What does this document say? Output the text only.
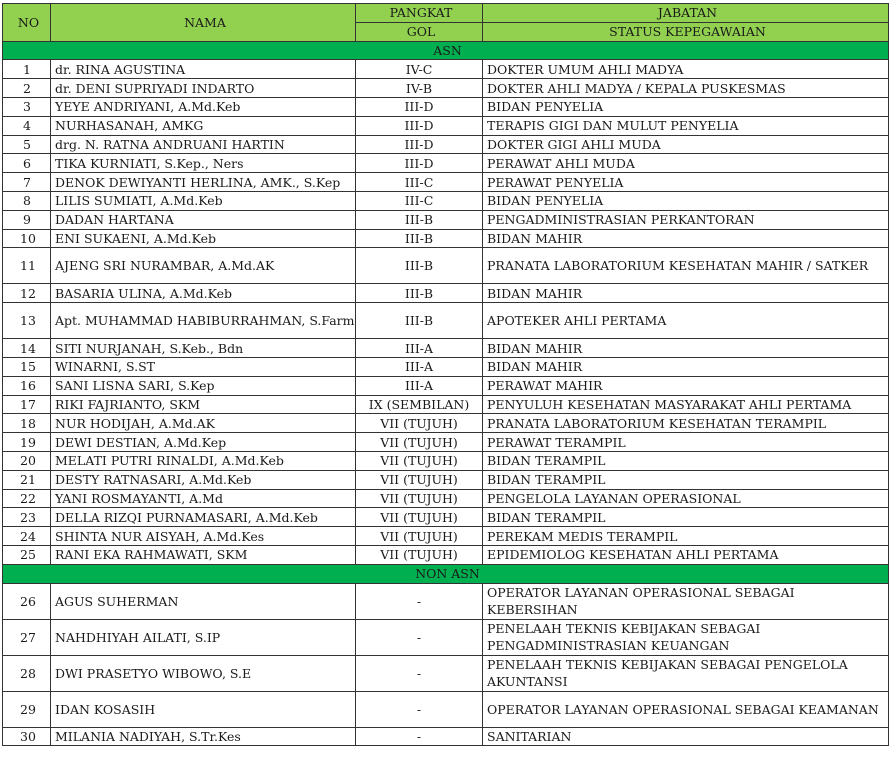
NO	NAMA	PANGKAT	JABATAN
		GOL	STATUS KEPEGAWAIAN
ASN			
1	dr. RINA AGUSTINA	IV-C	DOKTER UMUM AHLI MADYA
2	dr. DENI SUPRIYADI INDARTO	IV-B	DOKTER AHLI MADYA / KEPALA PUSKESMAS
3	YEYE ANDRIYANI, A.Md.Keb	III-D	BIDAN PENYELIA
4	NURHASANAH, AMKG	III-D	TERAPIS GIGI DAN MULUT PENYELIA
5	drg. N. RATNA ANDRUANI HARTIN	III-D	DOKTER GIGI AHLI MUDA
6	TIKA KURNIATI, S.Kep., Ners	III-D	PERAWAT AHLI MUDA
7	DENOK DEWIYANTI HERLINA, AMK., S.Kep	III-C	PERAWAT PENYELIA
8	LILIS SUMIATI, A.Md.Keb	III-C	BIDAN PENYELIA
9	DADAN HARTANA	III-B	PENGADMINISTRASIAN PERKANTORAN
10	ENI SUKAENI, A.Md.Keb	III-B	BIDAN MAHIR
11	AJENG SRI NURAMBAR, A.Md.AK	III-B	PRANATA LABORATORIUM KESEHATAN MAHIR / SATKER
12	BASARIA ULINA, A.Md.Keb	III-B	BIDAN MAHIR
13	Apt. MUHAMMAD HABIBURRAHMAN, S.Farm	III-B	APOTEKER AHLI PERTAMA
14	SITI NURJANAH, S.Keb., Bdn	III-A	BIDAN MAHIR
15	WINARNI, S.ST	III-A	BIDAN MAHIR
16	SANI LISNA SARI, S.Kep	III-A	PERAWAT MAHIR
17	RIKI FAJRIANTO, SKM	IX (SEMBILAN)	PENYULUH KESEHATAN MASYARAKAT AHLI PERTAMA
18	NUR HODIJAH, A.Md.AK	VII (TUJUH)	PRANATA LABORATORIUM KESEHATAN TERAMPIL
19	DEWI DESTIAN, A.Md.Kep	VII (TUJUH)	PERAWAT TERAMPIL
20	MELATI PUTRI RINALDI, A.Md.Keb	VII (TUJUH)	BIDAN TERAMPIL
21	DESTY RATNASARI, A.Md.Keb	VII (TUJUH)	BIDAN TERAMPIL
22	YANI ROSMAYANTI, A.Md	VII (TUJUH)	PENGELOLA LAYANAN OPERASIONAL
23	DELLA RIZQI PURNAMASARI, A.Md.Keb	VII (TUJUH)	BIDAN TERAMPIL
24	SHINTA NUR AISYAH, A.Md.Kes	VII (TUJUH)	PEREKAM MEDIS TERAMPIL
25	RANI EKA RAHMAWATI, SKM	VII (TUJUH)	EPIDEMIOLOG KESEHATAN AHLI PERTAMA
NON ASN			
26	AGUS SUHERMAN	-	OPERATOR LAYANAN OPERASIONAL SEBAGAI KEBERSIHAN
27	NAHDHIYAH AILATI, S.IP	-	PENELAAH TEKNIS KEBIJAKAN SEBAGAI PENGADMINISTRASIAN KEUANGAN
28	DWI PRASETYO WIBOWO, S.E	-	PENELAAH TEKNIS KEBIJAKAN SEBAGAI PENGELOLA AKUNTANSI
29	IDAN KOSASIH	-	OPERATOR LAYANAN OPERASIONAL SEBAGAI KEAMANAN
30	MILANIA NADIYAH, S.Tr.Kes	-	SANITARIAN
